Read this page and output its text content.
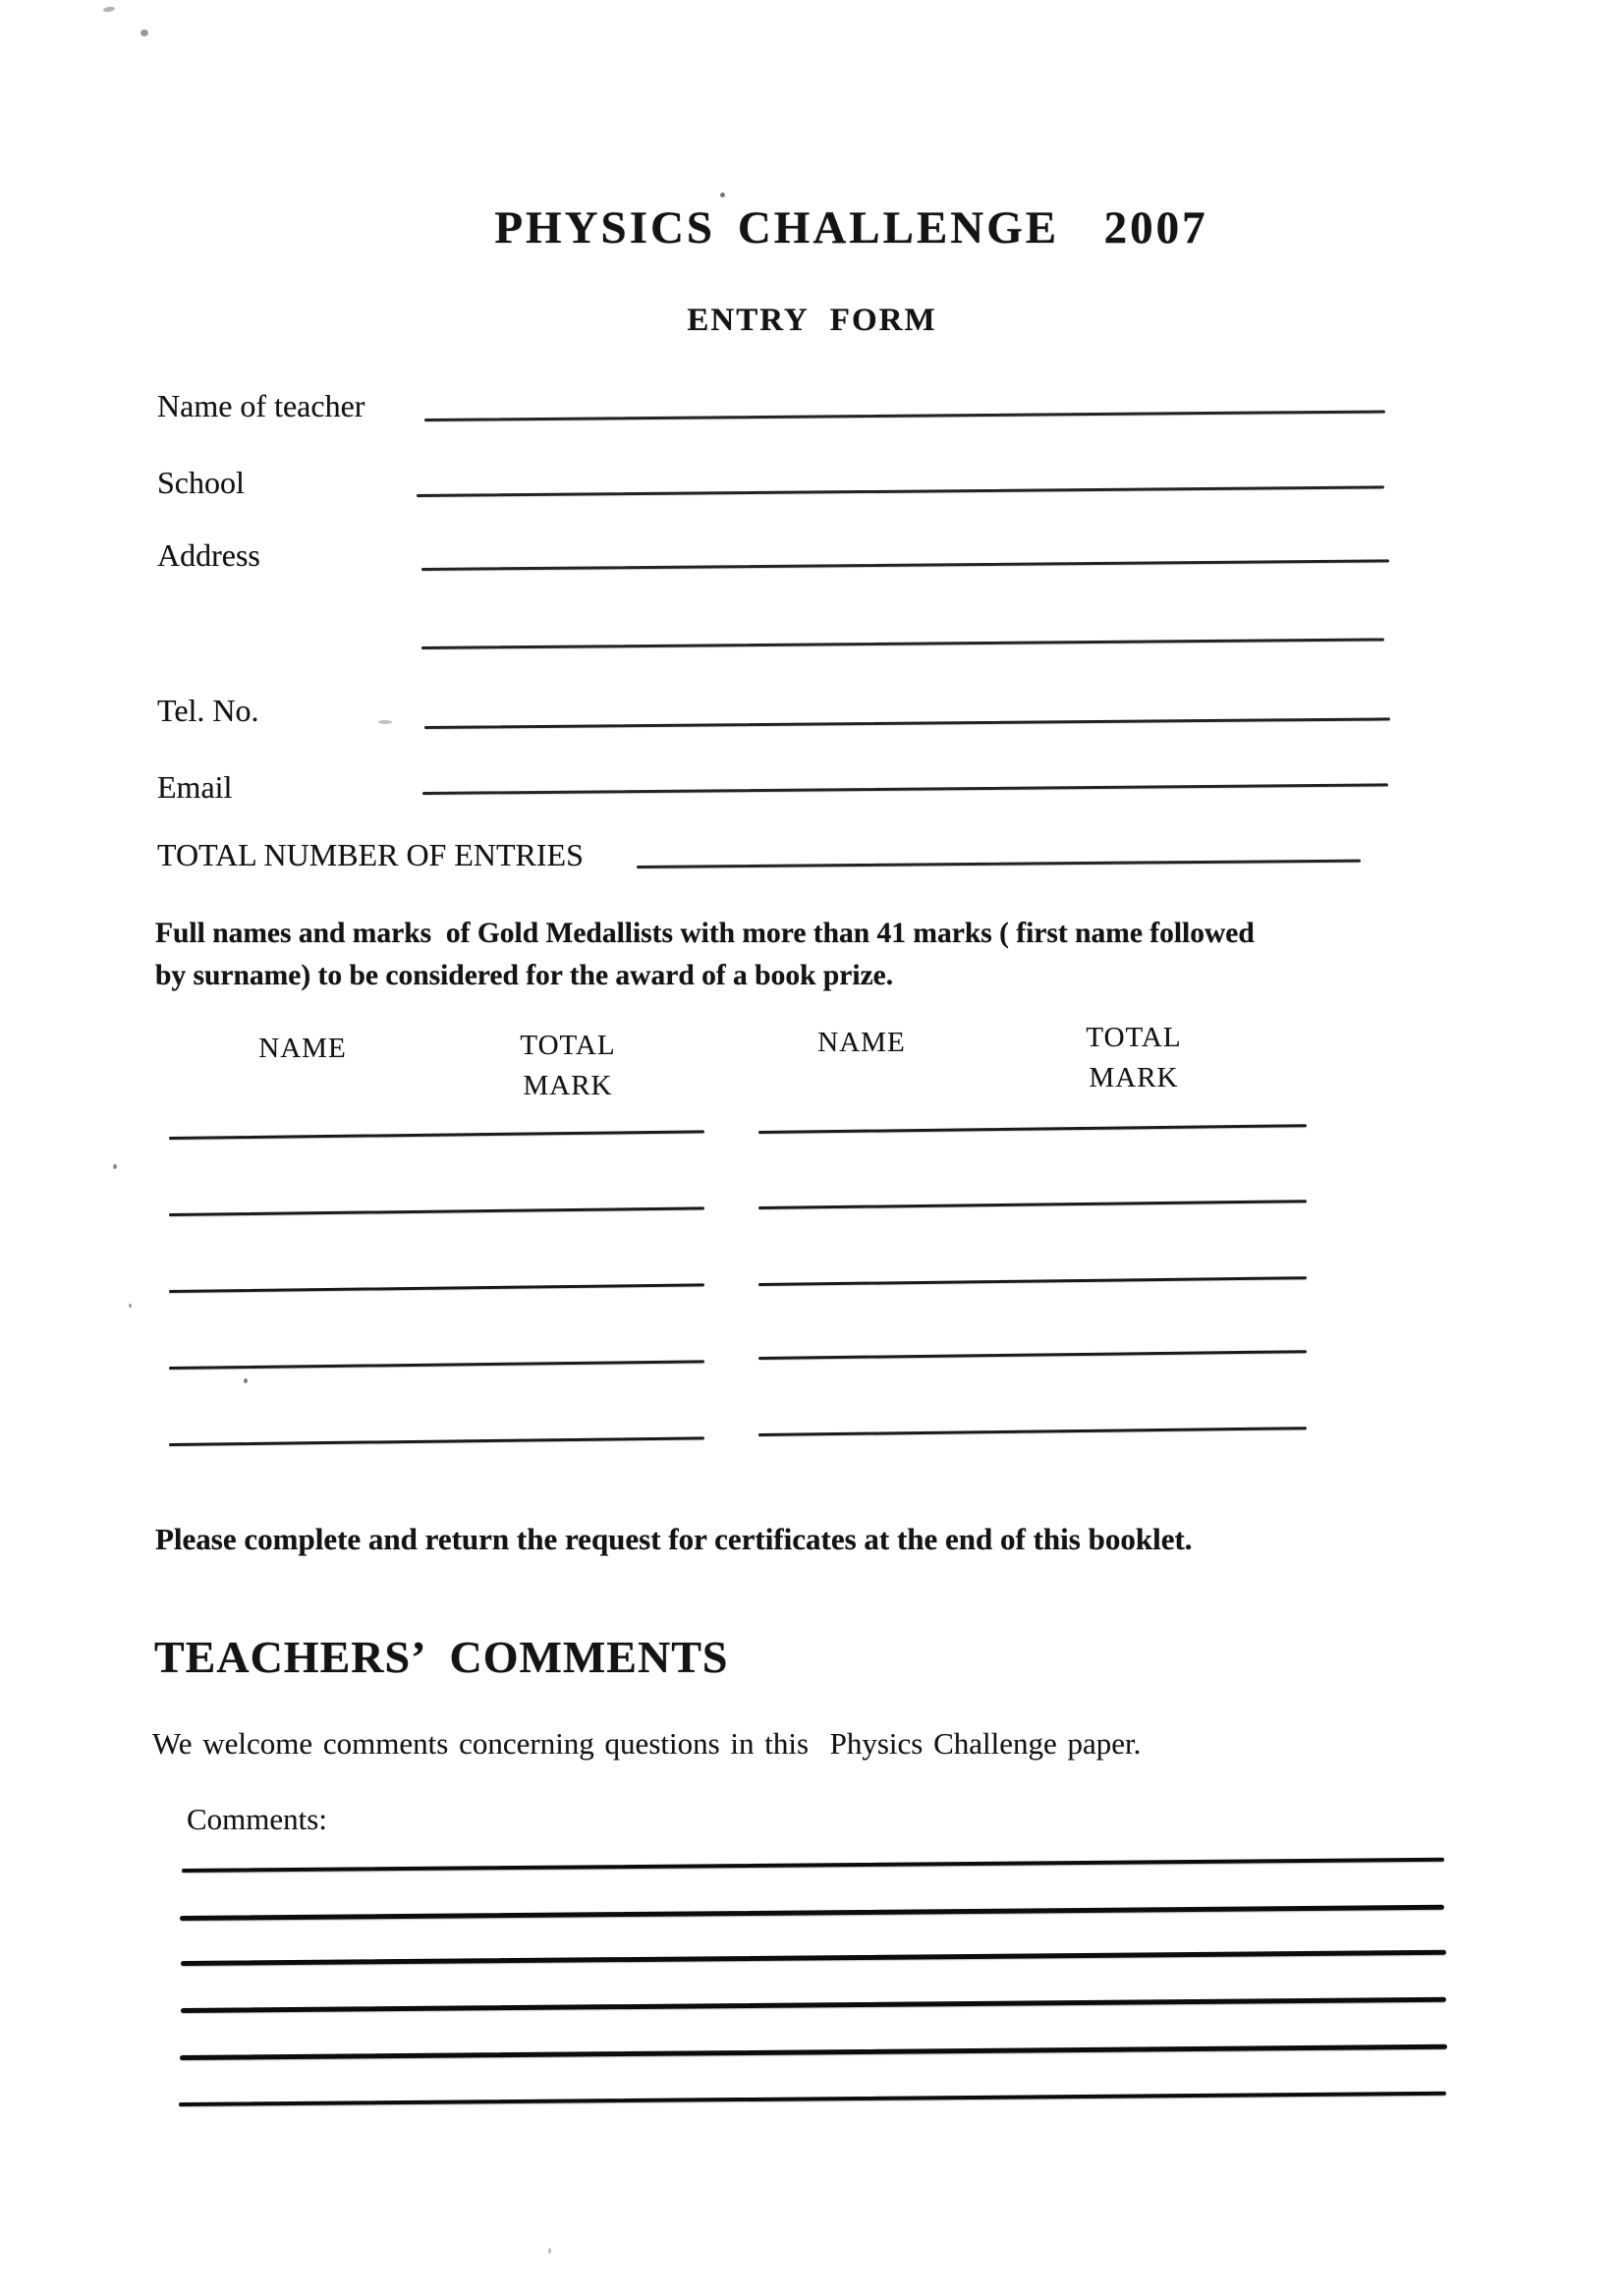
PHYSICS CHALLENGE  2007
ENTRY FORM
Name of teacher
School
Address
Tel. No.
Email
TOTAL NUMBER OF ENTRIES
Full names and marks  of Gold Medallists with more than 41 marks ( first name followed
by surname) to be considered for the award of a book prize.
NAME	TOTAL
MARK
NAME	TOTAL
MARK
Please complete and return the request for certificates at the end of this booklet.
TEACHERS’ COMMENTS
We welcome comments concerning questions in this  Physics Challenge paper.
Comments:
